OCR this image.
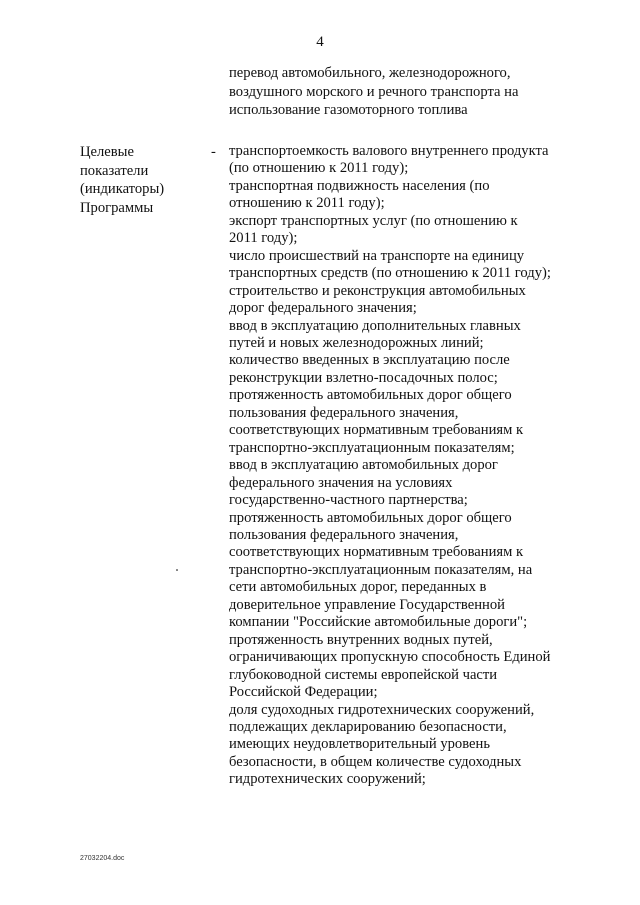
4
перевод автомобильного, железнодорожного,
воздушного морского и речного транспорта на
использование газомоторного топлива
Целевые
показатели
(индикаторы)
Программы
- транспортоемкость валового внутреннего продукта
(по отношению к 2011 году);
транспортная подвижность населения (по
отношению к 2011 году);
экспорт транспортных услуг (по отношению к
2011 году);
число происшествий на транспорте на единицу
транспортных средств (по отношению к 2011 году);
строительство и реконструкция автомобильных
дорог федерального значения;
ввод в эксплуатацию дополнительных главных
путей и новых железнодорожных линий;
количество введенных в эксплуатацию после
реконструкции взлетно-посадочных полос;
протяженность автомобильных дорог общего
пользования федерального значения,
соответствующих нормативным требованиям к
транспортно-эксплуатационным показателям;
ввод в эксплуатацию автомобильных дорог
федерального значения на условиях
государственно-частного партнерства;
протяженность автомобильных дорог общего
пользования федерального значения,
соответствующих нормативным требованиям к
транспортно-эксплуатационным показателям, на
сети автомобильных дорог, переданных в
доверительное управление Государственной
компании "Российские автомобильные дороги";
протяженность внутренних водных путей,
ограничивающих пропускную способность Единой
глубоководной системы европейской части
Российской Федерации;
доля судоходных гидротехнических сооружений,
подлежащих декларированию безопасности,
имеющих неудовлетворительный уровень
безопасности, в общем количестве судоходных
гидротехнических сооружений;
27032204.doc
